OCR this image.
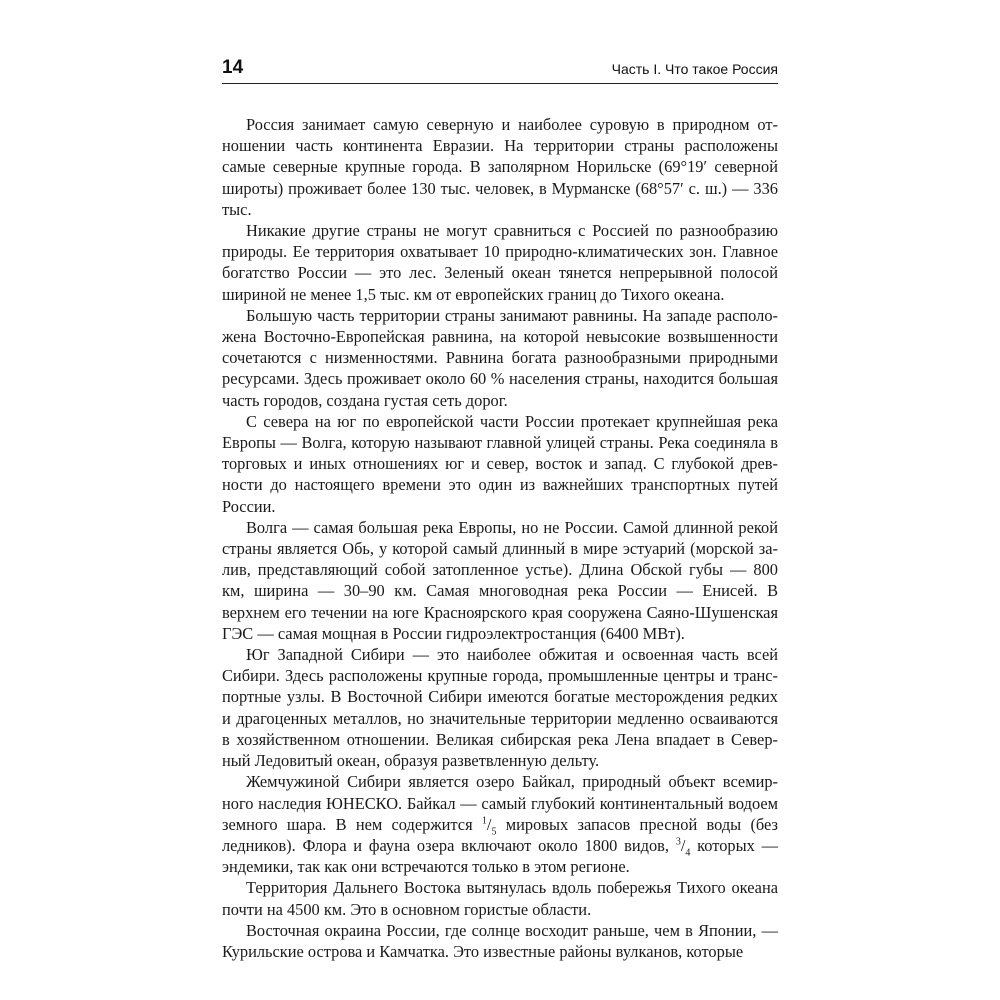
14	Часть I. Что такое Россия

Россия занимает самую северную и наиболее суровую в природном отношении часть континента Евразии. На территории страны расположены самые северные крупные города. В заполярном Норильске (69°19′ северной широты) проживает более 130 тыс. человек, в Мурманске (68°57′ с. ш.) — 336 тыс.

Никакие другие страны не могут сравниться с Россией по разнообразию природы. Ее территория охватывает 10 природно-климатических зон. Главное богатство России — это лес. Зеленый океан тянется непрерывной полосой шириной не менее 1,5 тыс. км от европейских границ до Тихого океана.

Большую часть территории страны занимают равнины. На западе расположена Восточно-Европейская равнина, на которой невысокие возвышенности сочетаются с низменностями. Равнина богата разнообразными природными ресурсами. Здесь проживает около 60 % населения страны, находится большая часть городов, создана густая сеть дорог.

С севера на юг по европейской части России протекает крупнейшая река Европы — Волга, которую называют главной улицей страны. Река соединяла в торговых и иных отношениях юг и север, восток и запад. С глубокой древности до настоящего времени это один из важнейших транспортных путей России.

Волга — самая большая река Европы, но не России. Самой длинной рекой страны является Обь, у которой самый длинный в мире эстуарий (морской залив, представляющий собой затопленное устье). Длина Обской губы — 800 км, ширина — 30–90 км. Самая многоводная река России — Енисей. В верхнем его течении на юге Красноярского края сооружена Саяно-Шушенская ГЭС — самая мощная в России гидроэлектростанция (6400 МВт).

Юг Западной Сибири — это наиболее обжитая и освоенная часть всей Сибири. Здесь расположены крупные города, промышленные центры и транспортные узлы. В Восточной Сибири имеются богатые месторождения редких и драгоценных металлов, но значительные территории медленно осваиваются в хозяйственном отношении. Великая сибирская река Лена впадает в Северный Ледовитый океан, образуя разветвленную дельту.

Жемчужиной Сибири является озеро Байкал, природный объект всемирного наследия ЮНЕСКО. Байкал — самый глубокий континентальный водоем земного шара. В нем содержится $^1/_5$ мировых запасов пресной воды (без ледников). Флора и фауна озера включают около 1800 видов, $^3/_4$ которых — эндемики, так как они встречаются только в этом регионе.

Территория Дальнего Востока вытянулась вдоль побережья Тихого океана почти на 4500 км. Это в основном гористые области.

Восточная окраина России, где солнце восходит раньше, чем в Японии, — Курильские острова и Камчатка. Это известные районы вулканов, которые
